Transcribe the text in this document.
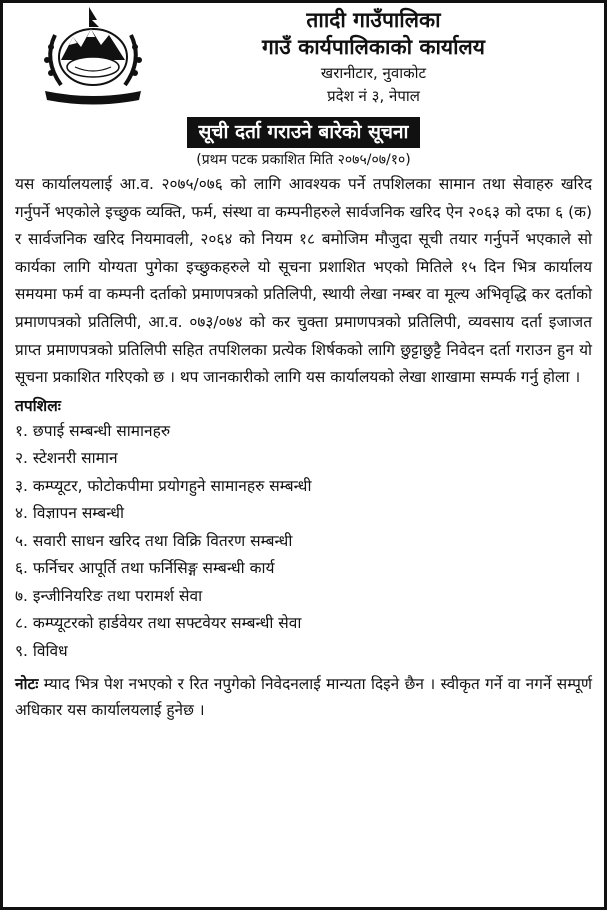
ताादी गाउँपालिका
गाउँ कार्यपालिकाको कार्यालय
खरानीटार, नुवाकोट
प्रदेश नं ३, नेपाल
सूची दर्ता गराउने बारेको सूचना
(प्रथम पटक प्रकाशित मिति २०७५/०७/१०)

यस कार्यालयलाई आ.व. २०७५/०७६ को लागि आवश्यक पर्ने तपशिलका सामान तथा सेवाहरु खरिद गर्नुपर्ने भएकोले इच्छुक व्यक्ति, फर्म, संस्था वा कम्पनीहरुले सार्वजनिक खरिद ऐन २०६३ को दफा ६ (क) र सार्वजनिक खरिद नियमावली, २०६४ को नियम १८ बमोजिम मौजुदा सूची तयार गर्नुपर्ने भएकाले सो कार्यका लागि योग्यता पुगेका इच्छुकहरुले यो सूचना प्रशाशित भएको मितिले १५ दिन भित्र कार्यालय समयमा फर्म वा कम्पनी दर्ताको प्रमाणपत्रको प्रतिलिपी, स्थायी लेखा नम्बर वा मूल्य अभिवृद्धि कर दर्ताको प्रमाणपत्रको प्रतिलिपी, आ.व. ०७३/०७४ को कर चुक्ता प्रमाणपत्रको प्रतिलिपी, व्यवसाय दर्ता इजाजत प्राप्त प्रमाणपत्रको प्रतिलिपी सहित तपशिलका प्रत्येक शिर्षकको लागि छुट्टाछुट्टै निवेदन दर्ता गराउन हुन यो सूचना प्रकाशित गरिएको छ । थप जानकारीको लागि यस कार्यालयको लेखा शाखामा सम्पर्क गर्नु होला ।

तपशिलः
१. छपाई सम्बन्धी सामानहरु
२. स्टेशनरी सामान
३. कम्प्यूटर, फोटोकपीमा प्रयोगहुने सामानहरु सम्बन्धी
४. विज्ञापन सम्बन्धी
५. सवारी साधन खरिद तथा विक्रि वितरण सम्बन्धी
६. फर्निचर आपूर्ति तथा फर्निसिङ्ग सम्बन्धी कार्य
७. इन्जीनियरिङ तथा परामर्श सेवा
८. कम्प्यूटरको हार्डवेयर तथा सफ्टवेयर सम्बन्धी सेवा
९. विविध

नोटः म्याद भित्र पेश नभएको र रित नपुगेको निवेदनलाई मान्यता दिइने छैन । स्वीकृत गर्ने वा नगर्ने सम्पूर्ण अधिकार यस कार्यालयलाई हुनेछ ।
